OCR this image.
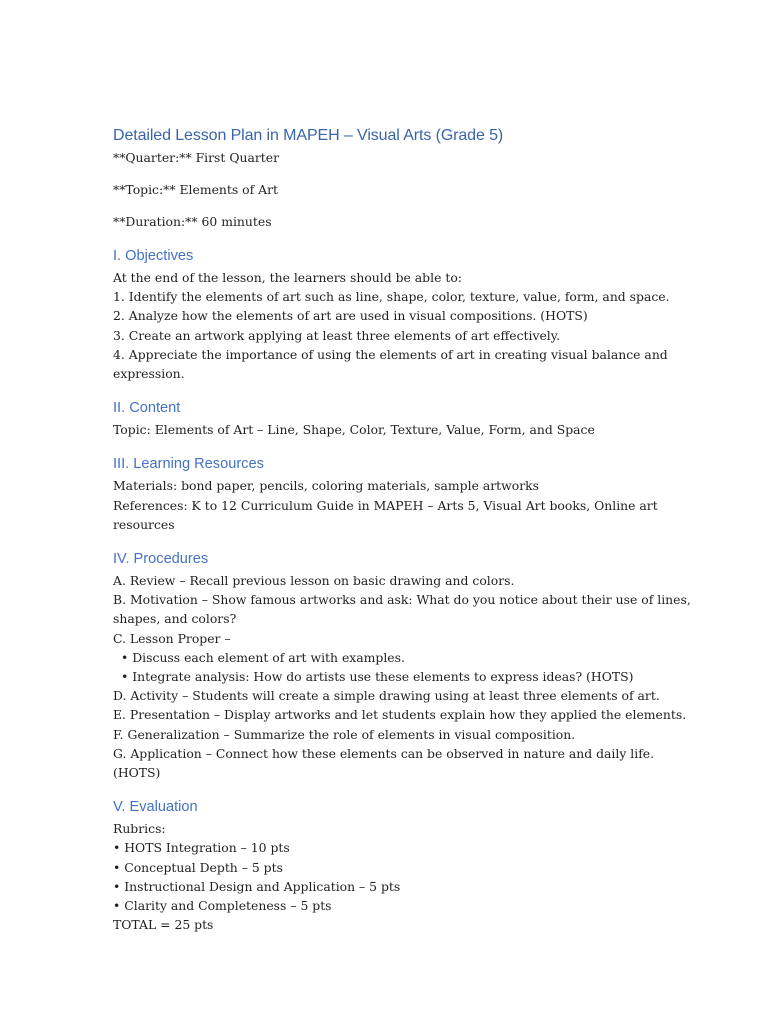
Detailed Lesson Plan in MAPEH – Visual Arts (Grade 5)

**Quarter:** First Quarter

**Topic:** Elements of Art

**Duration:** 60 minutes

I. Objectives

At the end of the lesson, the learners should be able to:

1. Identify the elements of art such as line, shape, color, texture, value, form, and space.

2. Analyze how the elements of art are used in visual compositions. (HOTS)

3. Create an artwork applying at least three elements of art effectively.

4. Appreciate the importance of using the elements of art in creating visual balance and

expression.

II. Content

Topic: Elements of Art – Line, Shape, Color, Texture, Value, Form, and Space

III. Learning Resources

Materials: bond paper, pencils, coloring materials, sample artworks

References: K to 12 Curriculum Guide in MAPEH – Arts 5, Visual Art books, Online art

resources

IV. Procedures

A. Review – Recall previous lesson on basic drawing and colors.

B. Motivation – Show famous artworks and ask: What do you notice about their use of lines,

shapes, and colors?

C. Lesson Proper –

• Discuss each element of art with examples.

• Integrate analysis: How do artists use these elements to express ideas? (HOTS)

D. Activity – Students will create a simple drawing using at least three elements of art.

E. Presentation – Display artworks and let students explain how they applied the elements.

F. Generalization – Summarize the role of elements in visual composition.

G. Application – Connect how these elements can be observed in nature and daily life.

(HOTS)

V. Evaluation

Rubrics:

• HOTS Integration – 10 pts

• Conceptual Depth – 5 pts

• Instructional Design and Application – 5 pts

• Clarity and Completeness – 5 pts

TOTAL = 25 pts
